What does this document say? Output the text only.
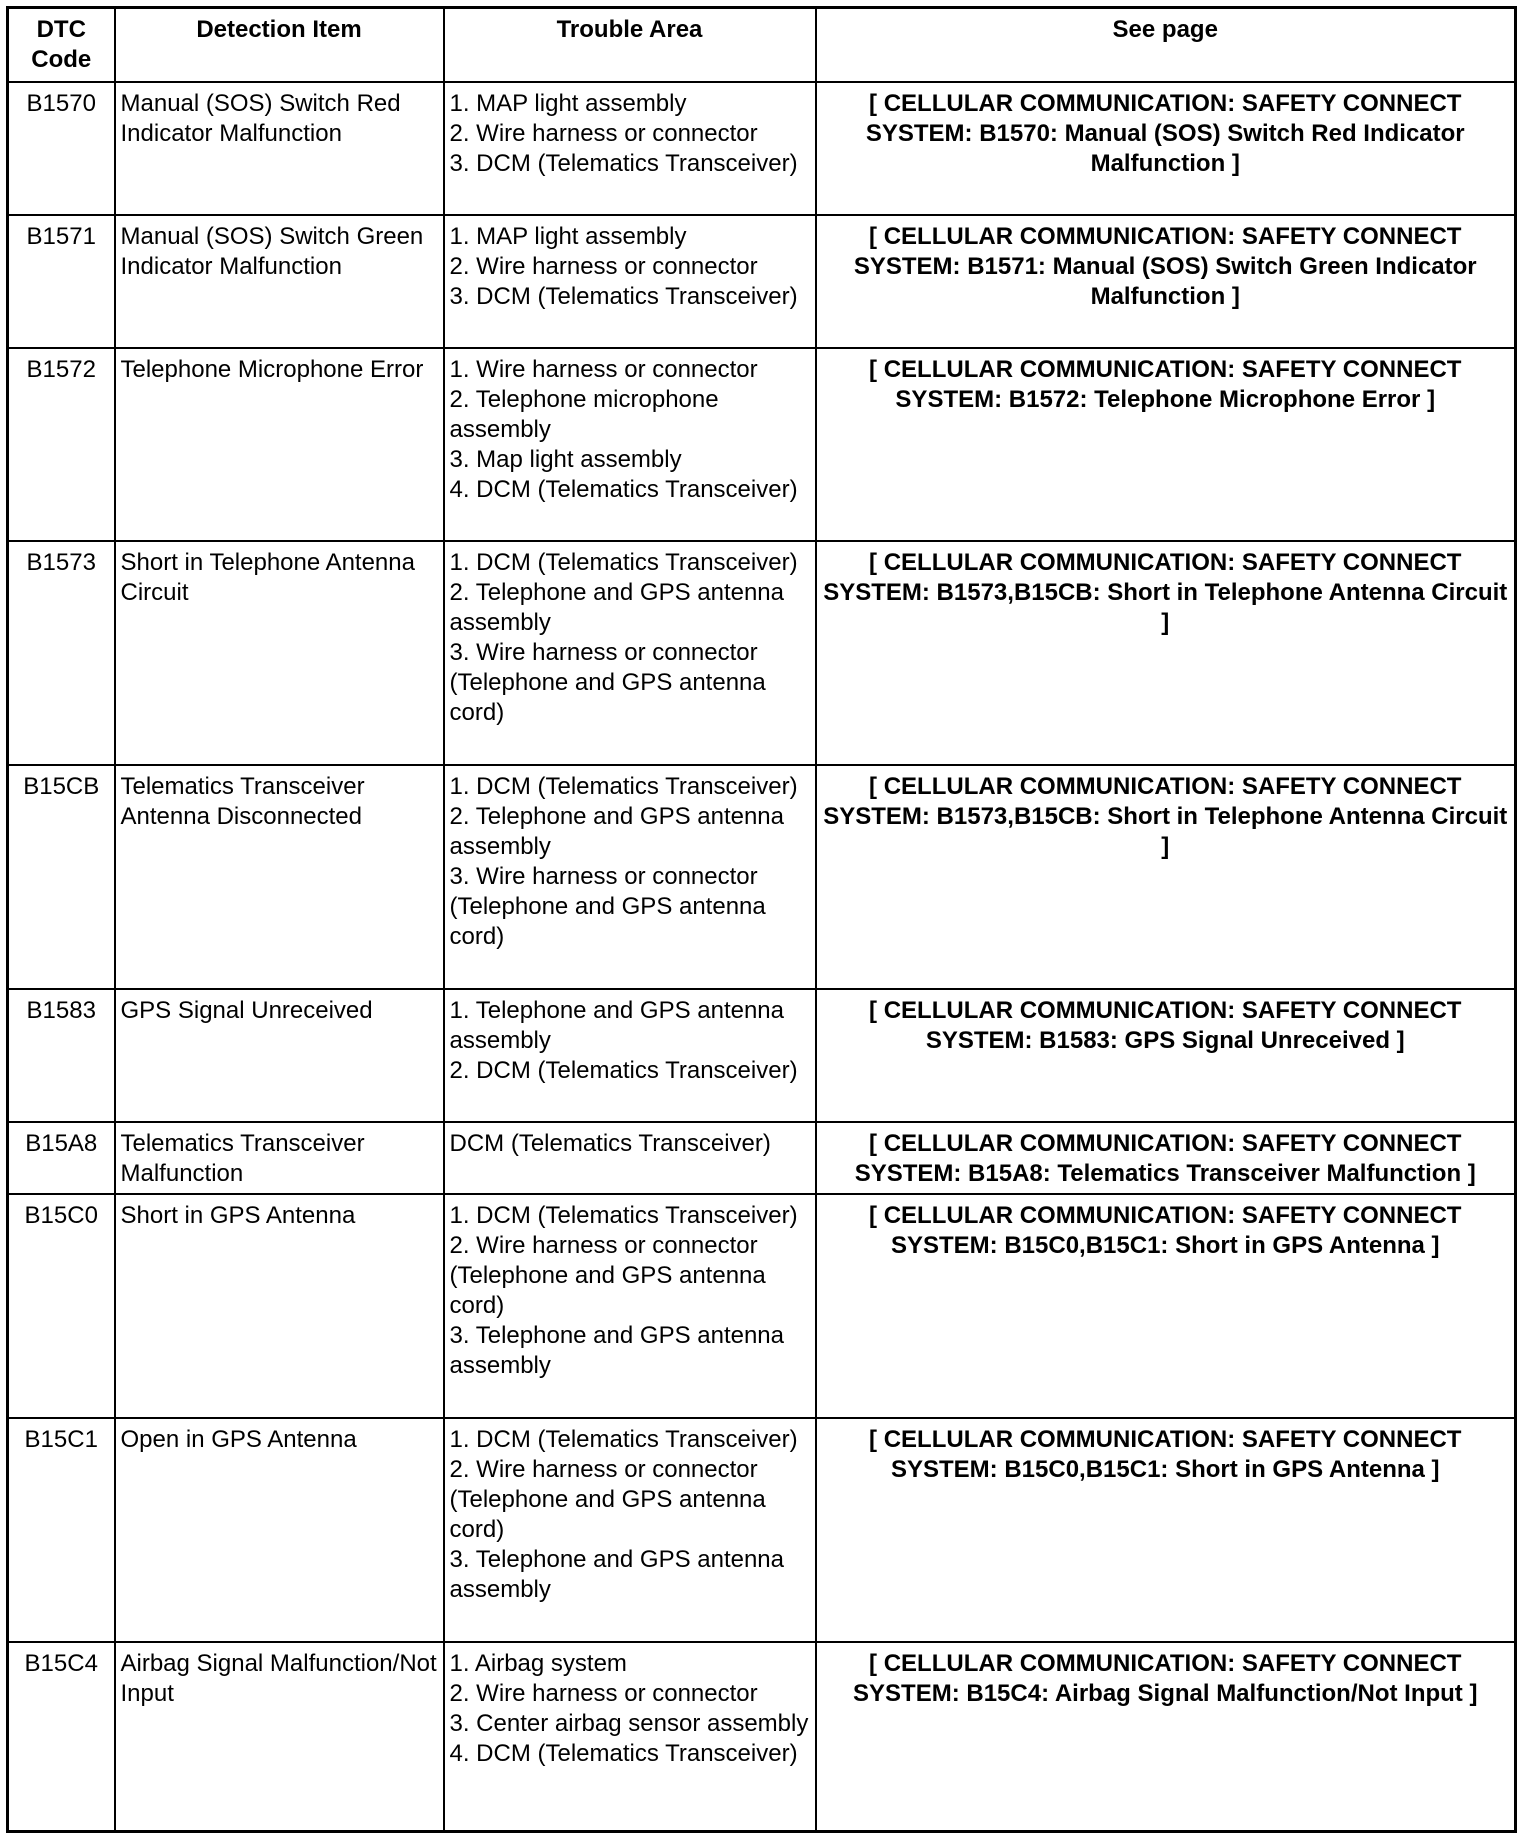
DTC
Code	Detection Item	Trouble Area	See page
B1570	Manual (SOS) Switch Red Indicator Malfunction	1. MAP light assembly
2. Wire harness or connector
3. DCM (Telematics Transceiver)	[ CELLULAR COMMUNICATION: SAFETY CONNECT SYSTEM: B1570: Manual (SOS) Switch Red Indicator Malfunction ]
B1571	Manual (SOS) Switch Green Indicator Malfunction	1. MAP light assembly
2. Wire harness or connector
3. DCM (Telematics Transceiver)	[ CELLULAR COMMUNICATION: SAFETY CONNECT SYSTEM: B1571: Manual (SOS) Switch Green Indicator Malfunction ]
B1572	Telephone Microphone Error	1. Wire harness or connector
2. Telephone microphone assembly
3. Map light assembly
4. DCM (Telematics Transceiver)	[ CELLULAR COMMUNICATION: SAFETY CONNECT SYSTEM: B1572: Telephone Microphone Error ]
B1573	Short in Telephone Antenna Circuit	1. DCM (Telematics Transceiver)
2. Telephone and GPS antenna assembly
3. Wire harness or connector (Telephone and GPS antenna cord)	[ CELLULAR COMMUNICATION: SAFETY CONNECT SYSTEM: B1573,B15CB: Short in Telephone Antenna Circuit ]
B15CB	Telematics Transceiver Antenna Disconnected	1. DCM (Telematics Transceiver)
2. Telephone and GPS antenna assembly
3. Wire harness or connector (Telephone and GPS antenna cord)	[ CELLULAR COMMUNICATION: SAFETY CONNECT SYSTEM: B1573,B15CB: Short in Telephone Antenna Circuit ]
B1583	GPS Signal Unreceived	1. Telephone and GPS antenna assembly
2. DCM (Telematics Transceiver)	[ CELLULAR COMMUNICATION: SAFETY CONNECT SYSTEM: B1583: GPS Signal Unreceived ]
B15A8	Telematics Transceiver Malfunction	DCM (Telematics Transceiver)	[ CELLULAR COMMUNICATION: SAFETY CONNECT SYSTEM: B15A8: Telematics Transceiver Malfunction ]
B15C0	Short in GPS Antenna	1. DCM (Telematics Transceiver)
2. Wire harness or connector (Telephone and GPS antenna cord)
3. Telephone and GPS antenna assembly	[ CELLULAR COMMUNICATION: SAFETY CONNECT SYSTEM: B15C0,B15C1: Short in GPS Antenna ]
B15C1	Open in GPS Antenna	1. DCM (Telematics Transceiver)
2. Wire harness or connector (Telephone and GPS antenna cord)
3. Telephone and GPS antenna assembly	[ CELLULAR COMMUNICATION: SAFETY CONNECT SYSTEM: B15C0,B15C1: Short in GPS Antenna ]
B15C4	Airbag Signal Malfunction/Not Input	1. Airbag system
2. Wire harness or connector
3. Center airbag sensor assembly
4. DCM (Telematics Transceiver)	[ CELLULAR COMMUNICATION: SAFETY CONNECT SYSTEM: B15C4: Airbag Signal Malfunction/Not Input ]
